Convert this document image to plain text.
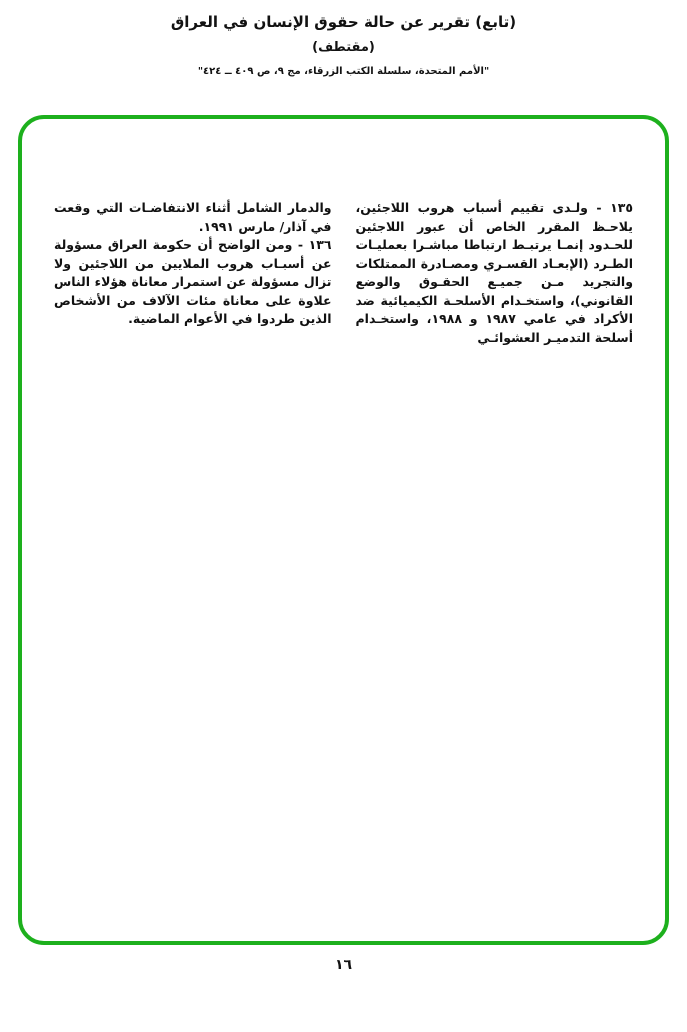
(تابع) تقرير عن حالة حقوق الإنسان في العراق
(مقتطف)
"الأمم المتحدة، سلسلة الكتب الزرقاء، مج ٩، ص ٤٠٩ ــ ٤٢٤"

١٣٥ - ولـدى تقييم أسباب هروب اللاجئين، يلاحـظ المقرر الخاص أن عبور اللاجئين للحـدود إنمـا يرتبـط ارتباطا مباشـرا بعمليـات الطـرد (الإبعـاد القسـري ومصـادرة الممتلكات والتجريد مـن جميـع الحقـوق والوضع القانوني)، واستخـدام الأسلحـة الكيميائية ضد الأكراد في عامي ١٩٨٧ و ١٩٨٨، واستخـدام أسلحة التدميـر العشوائـي

والدمار الشامل أثناء الانتفاضـات التي وقعت في آذار/ مارس ١٩٩١.

١٣٦ - ومن الواضح أن حكومة العراق مسؤولة عن أسبـاب هروب الملايين من اللاجئين ولا تزال مسؤولة عن استمرار معاناة هؤلاء الناس علاوة على معاناة مئات الآلاف من الأشخاص الذين طردوا في الأعوام الماضية.

١٦
